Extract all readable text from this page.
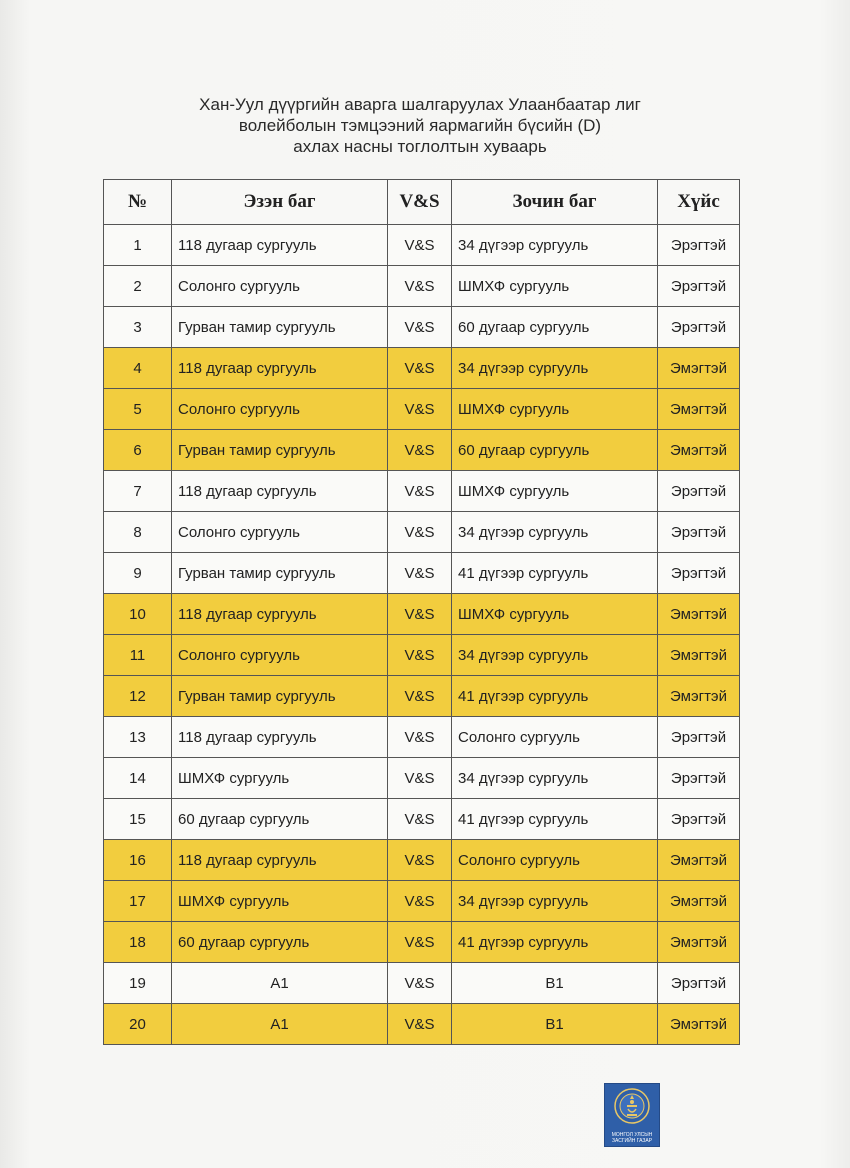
Хан-Уул дүүргийн аварга шалгаруулах Улаанбаатар лиг
волейболын тэмцээний яармагийн бүсийн (D)
ахлах насны тоглолтын хуваарь
№	Эзэн баг	V&S	Зочин баг	Хүйс
1	118 дугаар сургууль	V&S	34 дүгээр сургууль	Эрэгтэй
2	Солонго сургууль	V&S	ШМХФ сургууль	Эрэгтэй
3	Гурван тамир сургууль	V&S	60 дугаар сургууль	Эрэгтэй
4	118 дугаар сургууль	V&S	34 дүгээр сургууль	Эмэгтэй
5	Солонго сургууль	V&S	ШМХФ сургууль	Эмэгтэй
6	Гурван тамир сургууль	V&S	60 дугаар сургууль	Эмэгтэй
7	118 дугаар сургууль	V&S	ШМХФ сургууль	Эрэгтэй
8	Солонго сургууль	V&S	34 дүгээр сургууль	Эрэгтэй
9	Гурван тамир сургууль	V&S	41 дүгээр сургууль	Эрэгтэй
10	118 дугаар сургууль	V&S	ШМХФ сургууль	Эмэгтэй
11	Солонго сургууль	V&S	34 дүгээр сургууль	Эмэгтэй
12	Гурван тамир сургууль	V&S	41 дүгээр сургууль	Эмэгтэй
13	118 дугаар сургууль	V&S	Солонго сургууль	Эрэгтэй
14	ШМХФ сургууль	V&S	34 дүгээр сургууль	Эрэгтэй
15	60 дугаар сургууль	V&S	41 дүгээр сургууль	Эрэгтэй
16	118 дугаар сургууль	V&S	Солонго сургууль	Эмэгтэй
17	ШМХФ сургууль	V&S	34 дүгээр сургууль	Эмэгтэй
18	60 дугаар сургууль	V&S	41 дүгээр сургууль	Эмэгтэй
19	А1	V&S	В1	Эрэгтэй
20	А1	V&S	В1	Эмэгтэй
МОНГОЛ УЛСЫН ЗАСГИЙН ГАЗАР
